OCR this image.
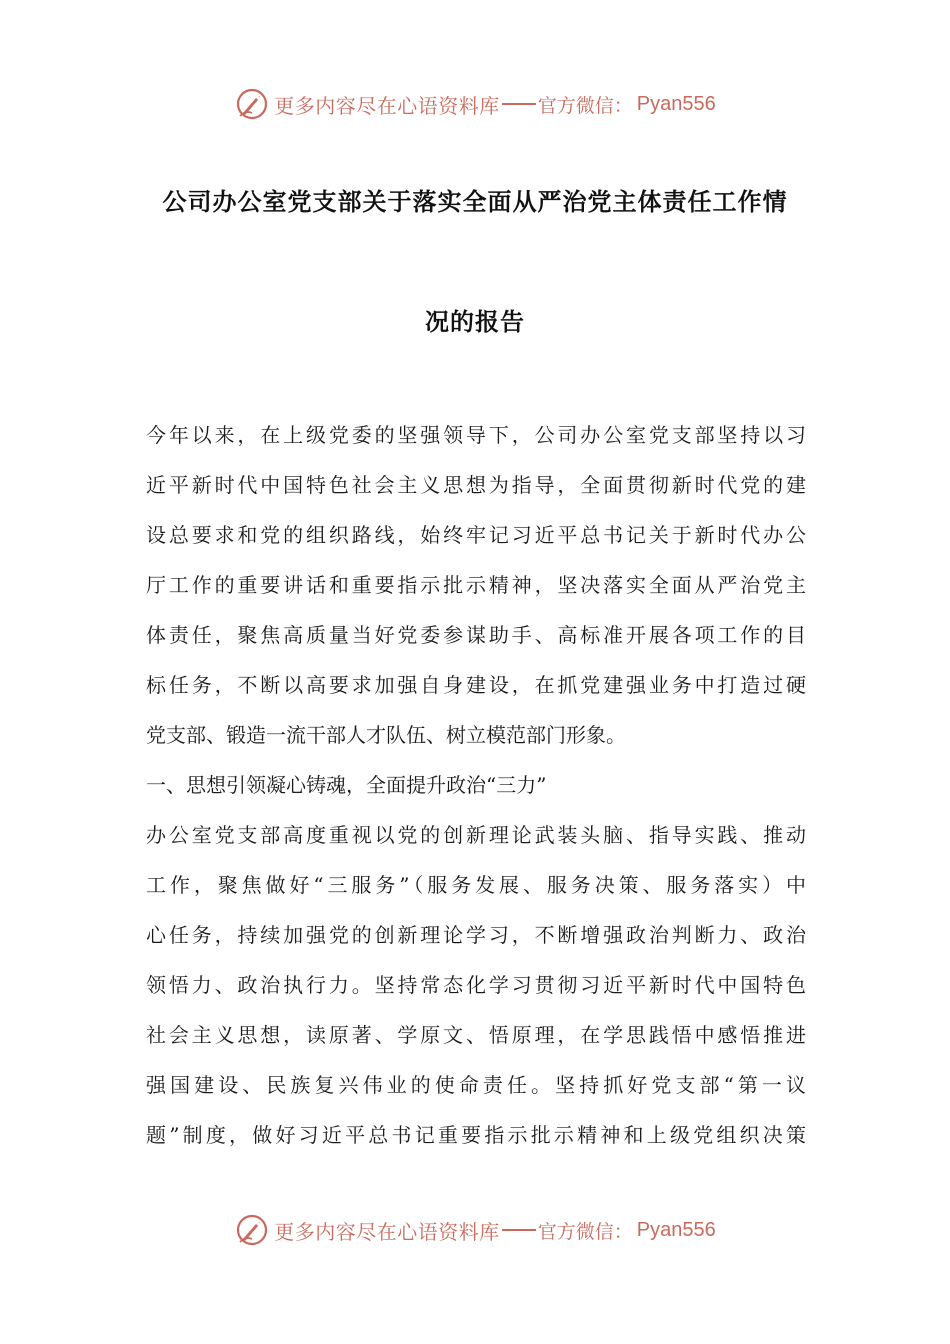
更多内容尽在心语资料库 官方微信： Pyan556
公司办公室党支部关于落实全面从严治党主体责任工作情
况的报告
今年以来，在上级党委的坚强领导下，公司办公室党支部坚持以习
近平新时代中国特色社会主义思想为指导，全面贯彻新时代党的建
设总要求和党的组织路线，始终牢记习近平总书记关于新时代办公
厅工作的重要讲话和重要指示批示精神，坚决落实全面从严治党主
体责任，聚焦高质量当好党委参谋助手、高标准开展各项工作的目
标任务，不断以高要求加强自身建设，在抓党建强业务中打造过硬
党支部、锻造一流干部人才队伍、树立模范部门形象。
一、思想引领凝心铸魂，全面提升政治“三力”
办公室党支部高度重视以党的创新理论武装头脑、指导实践、推动
工作，聚焦做好“三服务”（服务发展、服务决策、服务落实）中
心任务，持续加强党的创新理论学习，不断增强政治判断力、政治
领悟力、政治执行力。坚持常态化学习贯彻习近平新时代中国特色
社会主义思想，读原著、学原文、悟原理，在学思践悟中感悟推进
强国建设、民族复兴伟业的使命责任。坚持抓好党支部“第一议
题”制度，做好习近平总书记重要指示批示精神和上级党组织决策
更多内容尽在心语资料库 官方微信： Pyan556
